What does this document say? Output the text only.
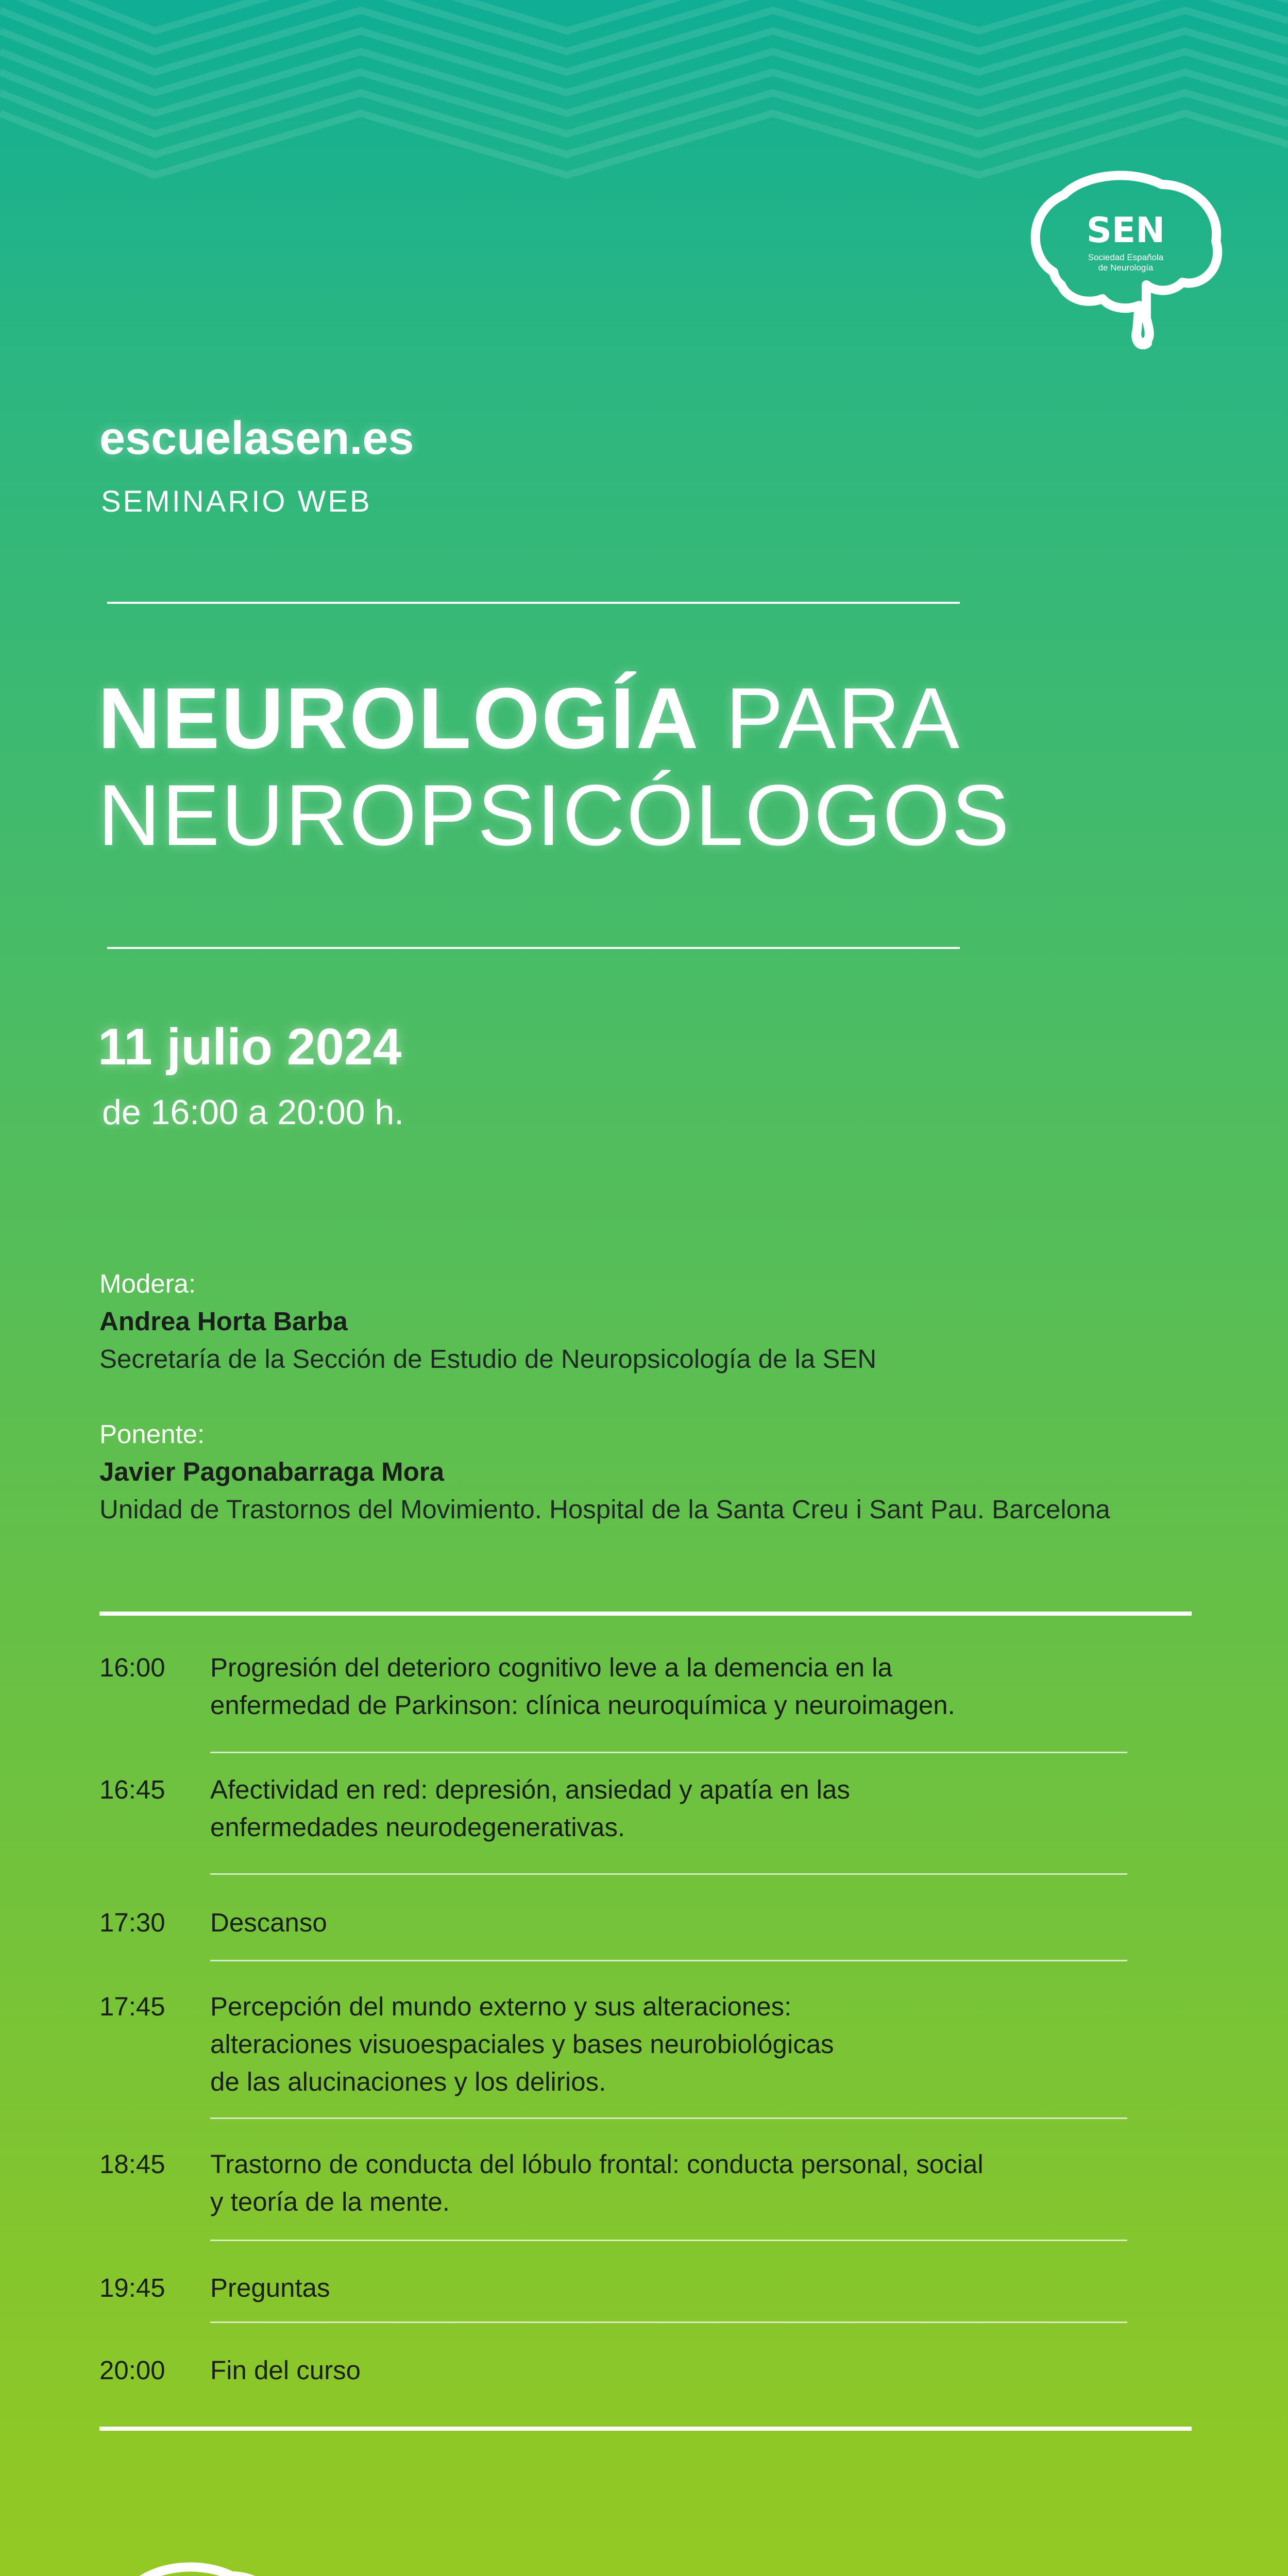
SEN
Sociedad Española
de Neurología
escuelasen.es
SEMINARIO WEB
NEUROLOGÍA PARA
NEUROPSICÓLOGOS
11 julio 2024
de 16:00 a 20:00 h.
Modera:
Andrea Horta Barba
Secretaría de la Sección de Estudio de Neuropsicología de la SEN
Ponente:
Javier Pagonabarraga Mora
Unidad de Trastornos del Movimiento. Hospital de la Santa Creu i Sant Pau. Barcelona
16:00	Progresión del deterioro cognitivo leve a la demencia en la
enfermedad de Parkinson: clínica neuroquímica y neuroimagen.
16:45	Afectividad en red: depresión, ansiedad y apatía en las
enfermedades neurodegenerativas.
17:30	Descanso
17:45	Percepción del mundo externo y sus alteraciones:
alteraciones visuoespaciales y bases neurobiológicas
de las alucinaciones y los delirios.
18:45	Trastorno de conducta del lóbulo frontal: conducta personal, social
y teoría de la mente.
19:45	Preguntas
20:00	Fin del curso
